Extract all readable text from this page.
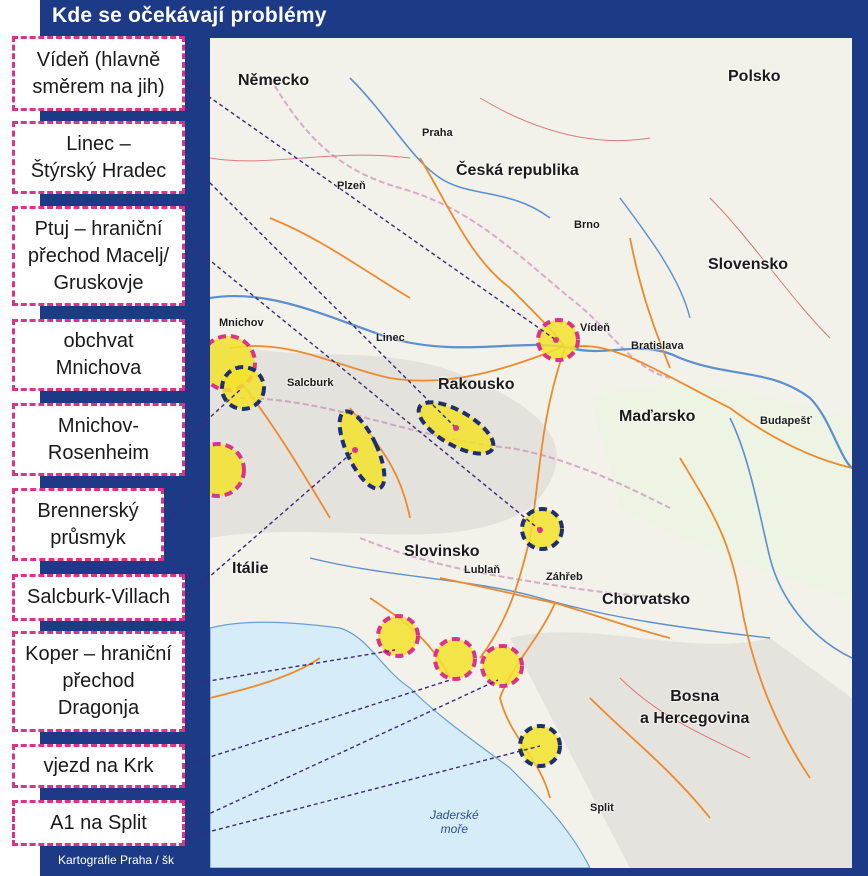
Kde se očekávají problémy
Německo	Polsko
Česká republika
Slovensko
Rakousko
Maďarsko
Itálie
Slovinsko
Chorvatsko
Bosna
a Hercegovina
Praha
Plzeň
Brno
Mnichov
Linec
Vídeň
Bratislava
Salcburk
Budapešť
Lublaň
Záhřeb
Split
Jaderské
moře
Vídeň (hlavně
směrem na jih)
Linec –
Štýrský Hradec
Ptuj – hraniční
přechod Macelj/
Gruskovje
obchvat
Mnichova
Mnichov-
Rosenheim
Brennerský
průsmyk
Salcburk-Villach
Koper – hraniční
přechod
Dragonja
vjezd na Krk
A1 na Split
Kartografie Praha / šk
